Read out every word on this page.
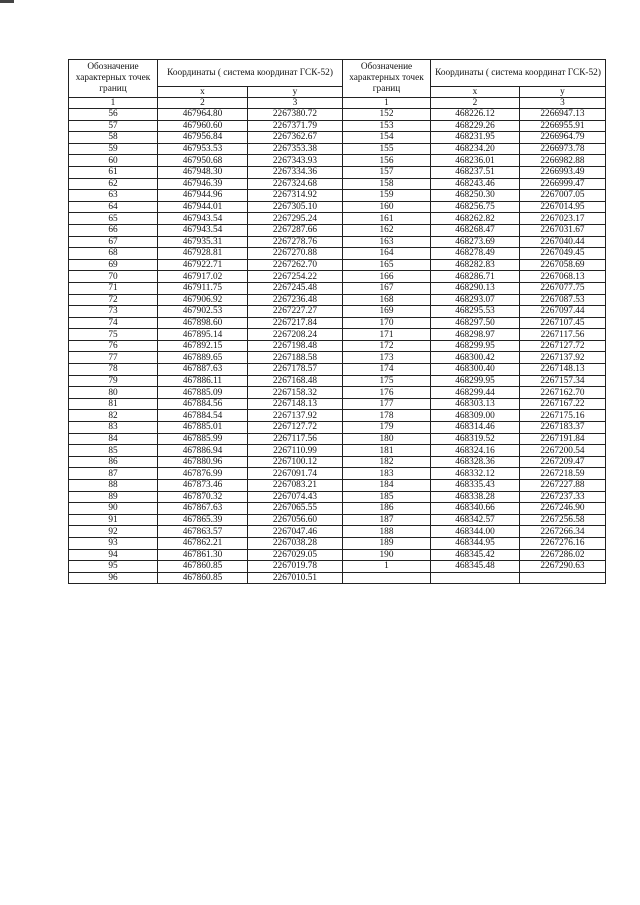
Обозначение характерных точек границ	Координаты ( система координат ГСК-52)		Обозначение характерных точек границ	Координаты ( система координат ГСК-52)	
	x	y		x	y
1	2	3	1	2	3
56	467964.80	2267380.72	152	468226.12	2266947.13
57	467960.60	2267371.79	153	468229.26	2266955.91
58	467956.84	2267362.67	154	468231.95	2266964.79
59	467953.53	2267353.38	155	468234.20	2266973.78
60	467950.68	2267343.93	156	468236.01	2266982.88
61	467948.30	2267334.36	157	468237.51	2266993.49
62	467946.39	2267324.68	158	468243.46	2266999.47
63	467944.96	2267314.92	159	468250.30	2267007.05
64	467944.01	2267305.10	160	468256.75	2267014.95
65	467943.54	2267295.24	161	468262.82	2267023.17
66	467943.54	2267287.66	162	468268.47	2267031.67
67	467935.31	2267278.76	163	468273.69	2267040.44
68	467928.81	2267270.88	164	468278.49	2267049.45
69	467922.71	2267262.70	165	468282.83	2267058.69
70	467917.02	2267254.22	166	468286.71	2267068.13
71	467911.75	2267245.48	167	468290.13	2267077.75
72	467906.92	2267236.48	168	468293.07	2267087.53
73	467902.53	2267227.27	169	468295.53	2267097.44
74	467898.60	2267217.84	170	468297.50	2267107.45
75	467895.14	2267208.24	171	468298.97	2267117.56
76	467892.15	2267198.48	172	468299.95	2267127.72
77	467889.65	2267188.58	173	468300.42	2267137.92
78	467887.63	2267178.57	174	468300.40	2267148.13
79	467886.11	2267168.48	175	468299.95	2267157.34
80	467885.09	2267158.32	176	468299.44	2267162.70
81	467884.56	2267148.13	177	468303.13	2267167.22
82	467884.54	2267137.92	178	468309.00	2267175.16
83	467885.01	2267127.72	179	468314.46	2267183.37
84	467885.99	2267117.56	180	468319.52	2267191.84
85	467886.94	2267110.99	181	468324.16	2267200.54
86	467880.96	2267100.12	182	468328.36	2267209.47
87	467876.99	2267091.74	183	468332.12	2267218.59
88	467873.46	2267083.21	184	468335.43	2267227.88
89	467870.32	2267074.43	185	468338.28	2267237.33
90	467867.63	2267065.55	186	468340.66	2267246.90
91	467865.39	2267056.60	187	468342.57	2267256.58
92	467863.57	2267047.46	188	468344.00	2267266.34
93	467862.21	2267038.28	189	468344.95	2267276.16
94	467861.30	2267029.05	190	468345.42	2267286.02
95	467860.85	2267019.78	1	468345.48	2267290.63
96	467860.85	2267010.51			
